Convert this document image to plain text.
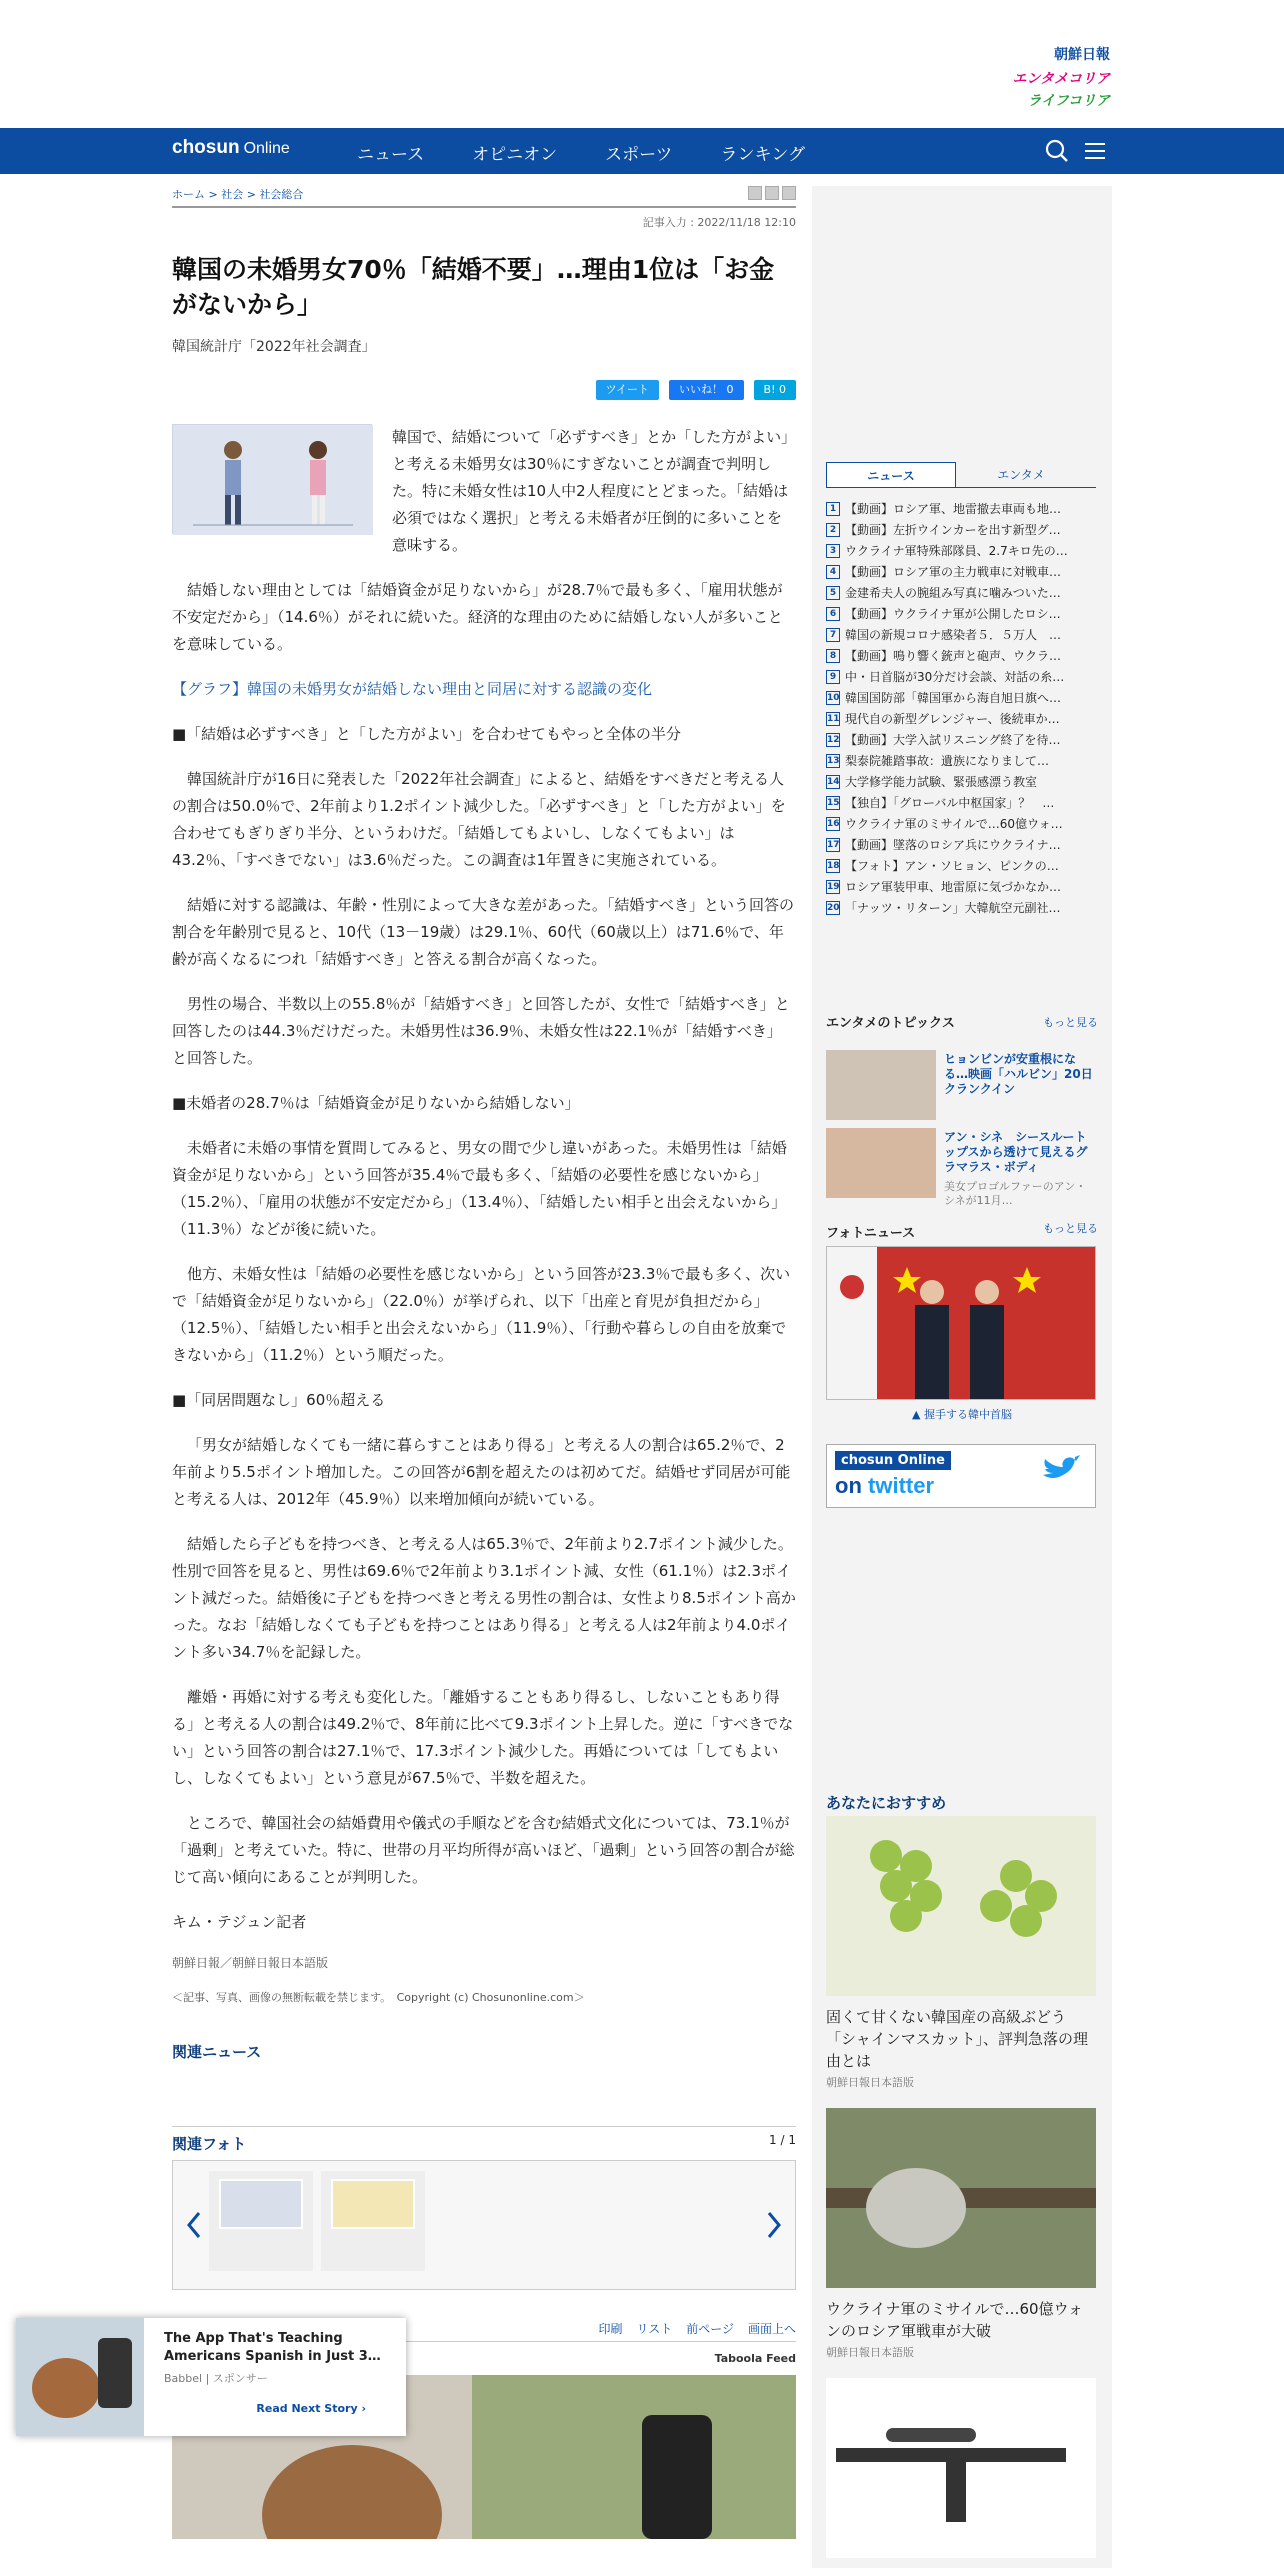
朝鮮日報
エンタメコリア
ライフコリア
chosun Online	ニュース	オピニオン	スポーツ	ランキング
ホーム > 社会 > 社会総合
記事入力 : 2022/11/18 12:10
韓国の未婚男女70％「結婚不要」…理由1位は「お金がないから」
韓国統計庁「2022年社会調査」
ツイート	いいね！ 0	B! 0

韓国で、結婚について「必ずすべき」とか「した方がよい」と考える未婚男女は30％にすぎないことが調査で判明した。特に未婚女性は10人中2人程度にとどまった。「結婚は必須ではなく選択」と考える未婚者が圧倒的に多いことを意味する。

結婚しない理由としては「結婚資金が足りないから」が28.7％で最も多く、「雇用状態が不安定だから」（14.6％）がそれに続いた。経済的な理由のために結婚しない人が多いことを意味している。

【グラフ】韓国の未婚男女が結婚しない理由と同居に対する認識の変化

■「結婚は必ずすべき」と「した方がよい」を合わせてもやっと全体の半分

韓国統計庁が16日に発表した「2022年社会調査」によると、結婚をすべきだと考える人の割合は50.0％で、2年前より1.2ポイント減少した。「必ずすべき」と「した方がよい」を合わせてもぎりぎり半分、というわけだ。「結婚してもよいし、しなくてもよい」は43.2％、「すべきでない」は3.6％だった。この調査は1年置きに実施されている。

結婚に対する認識は、年齢・性別によって大きな差があった。「結婚すべき」という回答の割合を年齢別で見ると、10代（13－19歳）は29.1％、60代（60歳以上）は71.6％で、年齢が高くなるにつれ「結婚すべき」と答える割合が高くなった。

男性の場合、半数以上の55.8％が「結婚すべき」と回答したが、女性で「結婚すべき」と回答したのは44.3％だけだった。未婚男性は36.9％、未婚女性は22.1％が「結婚すべき」と回答した。

■未婚者の28.7％は「結婚資金が足りないから結婚しない」

未婚者に未婚の事情を質問してみると、男女の間で少し違いがあった。未婚男性は「結婚資金が足りないから」という回答が35.4％で最も多く、「結婚の必要性を感じないから」（15.2％）、「雇用の状態が不安定だから」（13.4％）、「結婚したい相手と出会えないから」（11.3％）などが後に続いた。

他方、未婚女性は「結婚の必要性を感じないから」という回答が23.3％で最も多く、次いで「結婚資金が足りないから」（22.0％）が挙げられ、以下「出産と育児が負担だから」（12.5％）、「結婚したい相手と出会えないから」（11.9％）、「行動や暮らしの自由を放棄できないから」（11.2％）という順だった。

■「同居問題なし」60％超える

「男女が結婚しなくても一緒に暮らすことはあり得る」と考える人の割合は65.2％で、2年前より5.5ポイント増加した。この回答が6割を超えたのは初めてだ。結婚せず同居が可能と考える人は、2012年（45.9％）以来増加傾向が続いている。

結婚したら子どもを持つべき、と考える人は65.3％で、2年前より2.7ポイント減少した。性別で回答を見ると、男性は69.6％で2年前より3.1ポイント減、女性（61.1％）は2.3ポイント減だった。結婚後に子どもを持つべきと考える男性の割合は、女性より8.5ポイント高かった。なお「結婚しなくても子どもを持つことはあり得る」と考える人は2年前より4.0ポイント多い34.7％を記録した。

離婚・再婚に対する考えも変化した。「離婚することもあり得るし、しないこともあり得る」と考える人の割合は49.2％で、8年前に比べて9.3ポイント上昇した。逆に「すべきでない」という回答の割合は27.1％で、17.3ポイント減少した。再婚については「してもよいし、しなくてもよい」という意見が67.5％で、半数を超えた。

ところで、韓国社会の結婚費用や儀式の手順などを含む結婚式文化については、73.1％が「過剰」と考えていた。特に、世帯の月平均所得が高いほど、「過剰」という回答の割合が総じて高い傾向にあることが判明した。

キム・テジュン記者

朝鮮日報／朝鮮日報日本語版
＜記事、写真、画像の無断転載を禁じます。　Copyright (c) Chosunonline.com＞
関連ニュース
関連フォト	1 / 1
印刷 リスト 前ページ 画面上へ
Taboola Feed
ニュース	エンタメ
1 【動画】ロシア軍、地雷撤去車両も地…
2 【動画】左折ウインカーを出す新型グ…
3 ウクライナ軍特殊部隊員、2.7キロ先の…
4 【動画】ロシア軍の主力戦車に対戦車…
5 金建希夫人の腕組み写真に噛みついた…
6 【動画】ウクライナ軍が公開したロシ…
7 韓国の新規コロナ感染者５．５万人　…
8 【動画】鳴り響く銃声と砲声、ウクラ…
9 中・日首脳が30分だけ会談、対話の糸…
10 韓国国防部「韓国軍から海自旭日旗へ…
11 現代自の新型グレンジャー、後続車か…
12 【動画】大学入試リスニング終了を待…
13 梨泰院雑踏事故：遺族になりまして…
14 大学修学能力試験、緊張感漂う教室
15 【独自】「グローバル中枢国家」？　…
16 ウクライナ軍のミサイルで…60億ウォ…
17 【動画】墜落のロシア兵にウクライナ…
18 【フォト】アン・ソヒョン、ピンクの…
19 ロシア軍装甲車、地雷原に気づかなか…
20 「ナッツ・リターン」大韓航空元副社…
エンタメのトピックス	もっと見る
ヒョンビンが安重根になる…映画「ハルビン」20日クランクイン
アン・シネ　シースルートップスから透けて見えるグラマラス・ボディ
美女プロゴルファーのアン・シネが11月…
フォトニュース	もっと見る
▲ 握手する韓中首脳
chosun Online
on twitter
あなたにおすすめ
固くて甘くない韓国産の高級ぶどう「シャインマスカット」、評判急落の理由とは
朝鮮日報日本語版
ウクライナ軍のミサイルで…60億ウォンのロシア軍戦車が大破
朝鮮日報日本語版
The App That's Teaching Americans Spanish in Just 3…
Babbel | スポンサー
Read Next Story ›
